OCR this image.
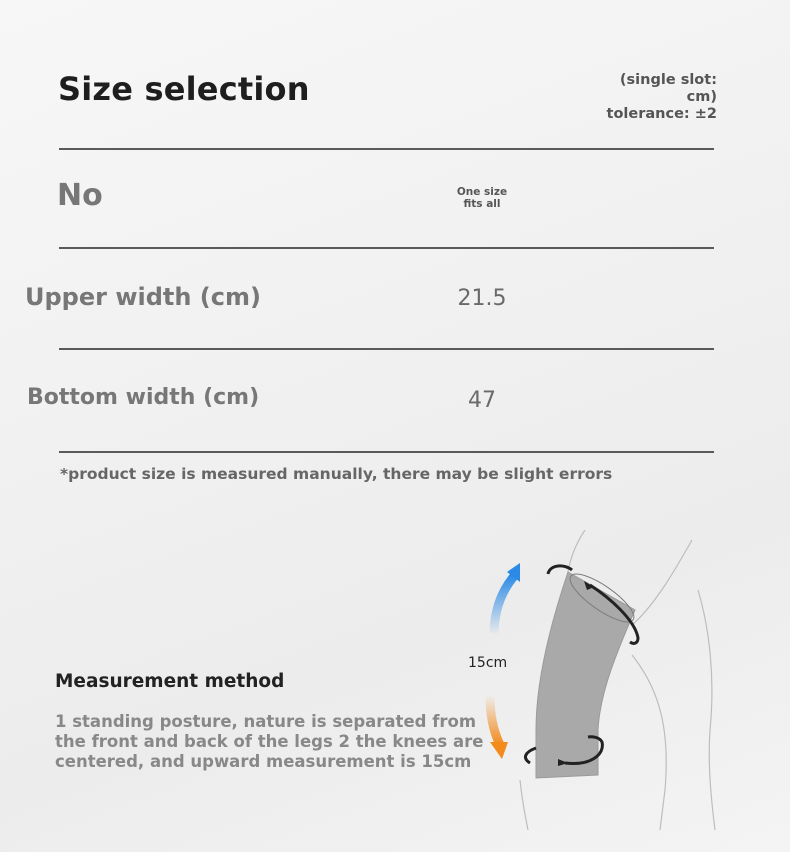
Size selection	(single slot:
cm)
tolerance: ±2
No	One size
fits all
Upper width (cm)	21.5
Bottom width (cm)	47
*product size is measured manually, there may be slight errors
Measurement method
1 standing posture, nature is separated from the front and back of the legs 2 the knees are centered, and upward measurement is 15cm
15cm
